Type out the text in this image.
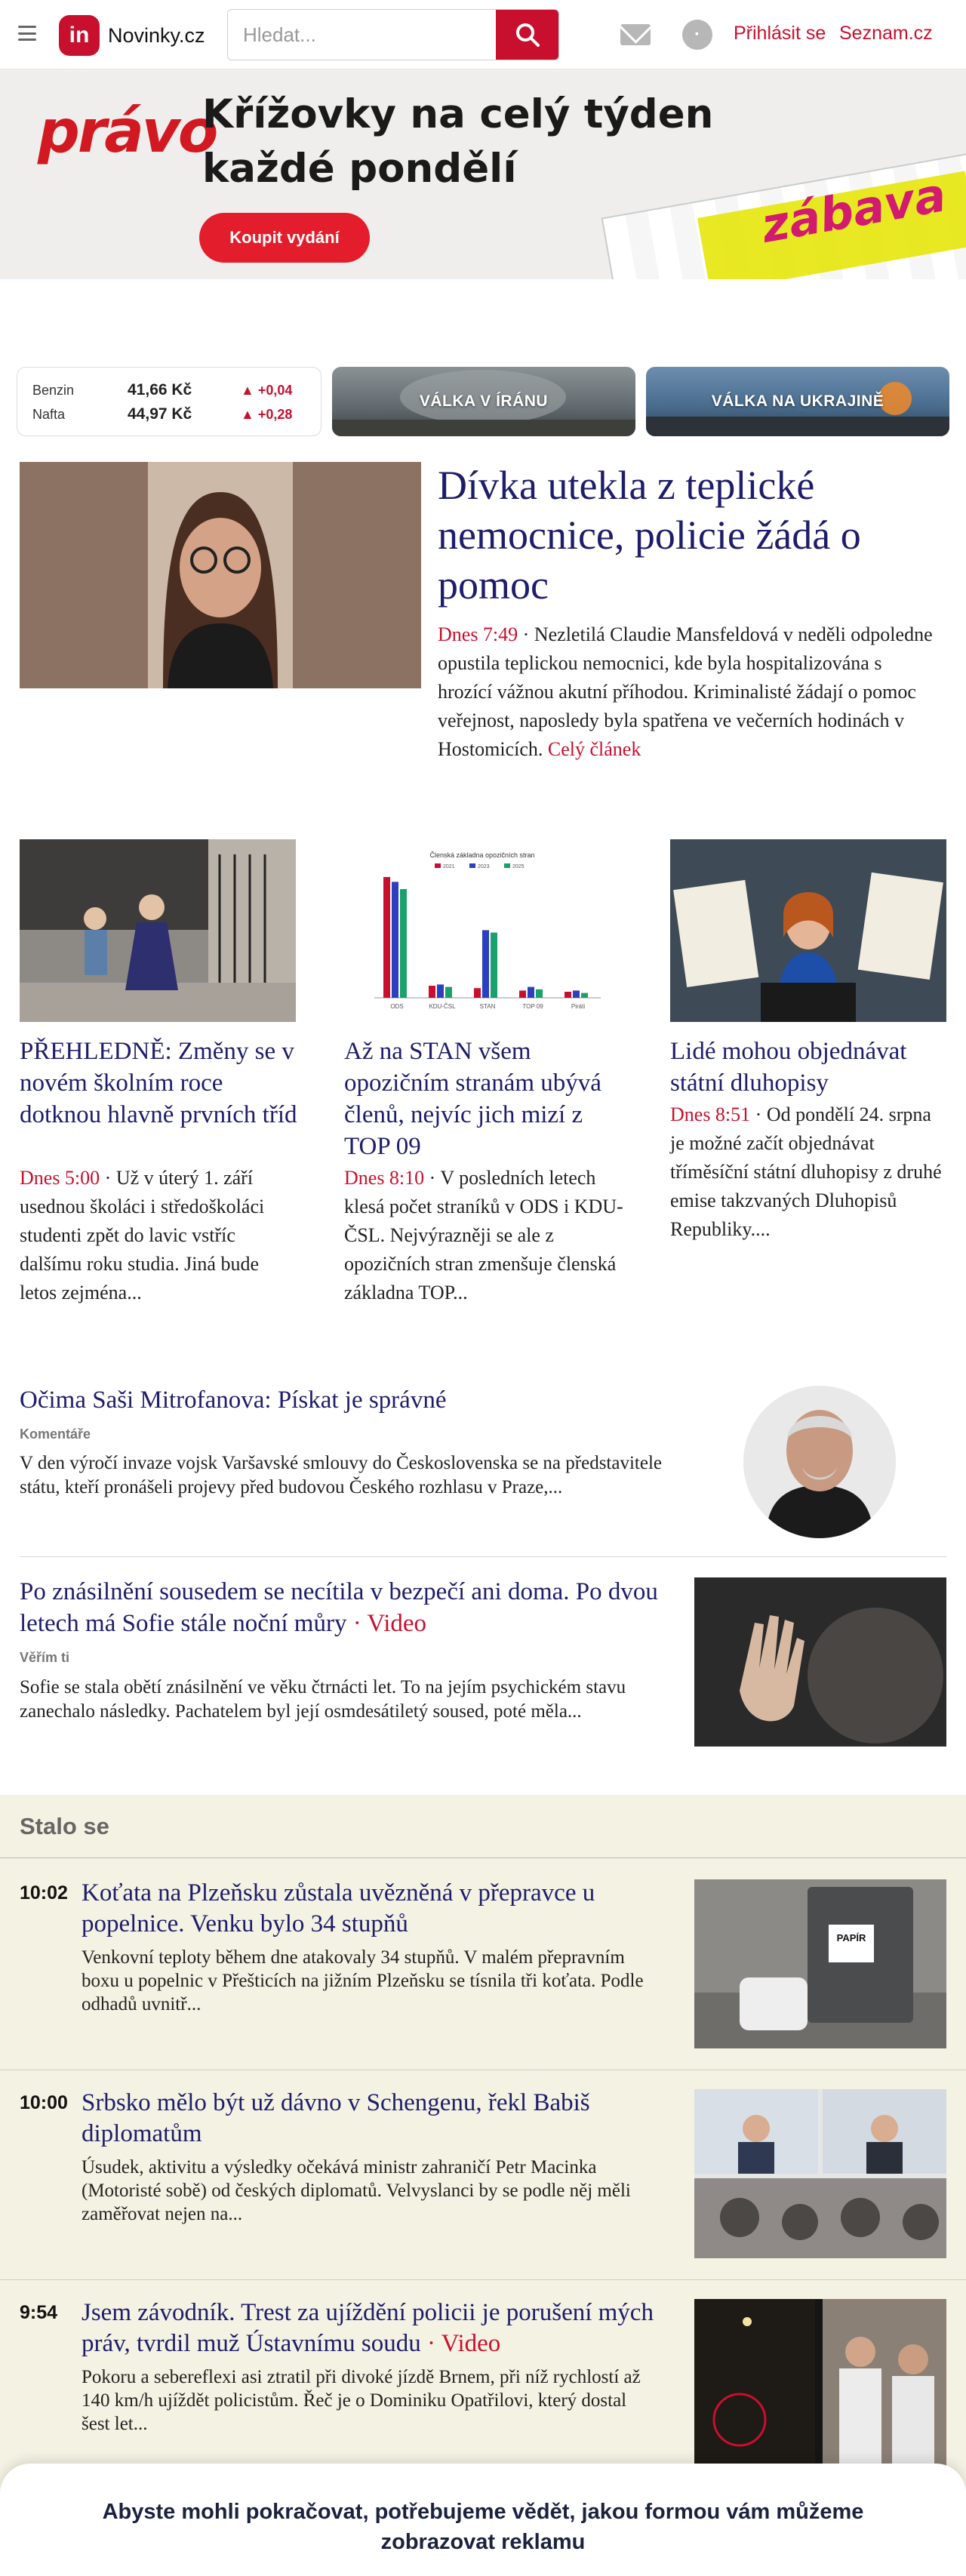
in Novinky.cz
Hledat...	·	Přihlásit se Seznam.cz
právo
Křížovky na celý týden
každé pondělí
Koupit vydání	zábava
Benzin	41,66 Kč	▲ +0,04
Nafta	44,97 Kč	▲ +0,28
VÁLKA V ÍRÁNU	VÁLKA NA UKRAJINĚ
Dívka utekla z teplické nemocnice, policie žádá o pomoc
Dnes 7:49 · Nezletilá Claudie Mansfeldová v neděli odpoledne opustila teplickou nemocnici, kde byla hospitalizována s hrozící vážnou akutní příhodou. Kriminalisté žádají o pomoc veřejnost, naposledy byla spatřena ve večerních hodinách v Hostomicích. Celý článek
Členská základna opozičních stran
ODS	KDU-ČSL	STAN	TOP 09	Piráti
2021	2023	2025
PŘEHLEDNĚ: Změny se v novém školním roce dotknou hlavně prvních tříd
Dnes 5:00 · Už v úterý 1. září usednou školáci i středoškoláci studenti zpět do lavic vstříc dalšímu roku studia. Jiná bude letos zejména...
Až na STAN všem opozičním stranám ubývá členů, nejvíc jich mizí z TOP 09
Dnes 8:10 · V posledních letech klesá počet straníků v ODS i KDU-ČSL. Nejvýrazněji se ale z opozičních stran zmenšuje členská základna TOP...
Lidé mohou objednávat státní dluhopisy
Dnes 8:51 · Od pondělí 24. srpna je možné začít objednávat tříměsíční státní dluhopisy z druhé emise takzvaných Dluhopisů Republiky....
Očima Saši Mitrofanova: Pískat je správné
Komentáře
V den výročí invaze vojsk Varšavské smlouvy do Československa se na představitele státu, kteří pronášeli projevy před budovou Českého rozhlasu v Praze,...
Po znásilnění sousedem se necítila v bezpečí ani doma. Po dvou letech má Sofie stále noční můry · Video
Věřím ti
Sofie se stala obětí znásilnění ve věku čtrnácti let. To na jejím psychickém stavu zanechalo následky. Pachatelem byl její osmdesátiletý soused, poté měla...
Stalo se
10:02 Koťata na Plzeňsku zůstala uvězněná v přepravce u popelnice. Venku bylo 34 stupňů
Venkovní teploty během dne atakovaly 34 stupňů. V malém přepravním boxu u popelnic v Přešticích na jižním Plzeňsku se tísnila tři koťata. Podle odhadů uvnitř...
PAPÍR
10:00 Srbsko mělo být už dávno v Schengenu, řekl Babiš diplomatům
Úsudek, aktivitu a výsledky očekává ministr zahraničí Petr Macinka (Motoristé sobě) od českých diplomatů. Velvyslanci by se podle něj měli zaměřovat nejen na...
9:54 Jsem závodník. Trest za ujíždění policii je porušení mých práv, tvrdil muž Ústavnímu soudu · Video
Pokoru a sebereflexi asi ztratil při divoké jízdě Brnem, při níž rychlostí až 140 km/h ujíždět policistům. Řeč je o Dominiku Opatřilovi, který dostal šest let...
Abyste mohli pokračovat, potřebujeme vědět, jakou formou vám můžeme zobrazovat reklamu
